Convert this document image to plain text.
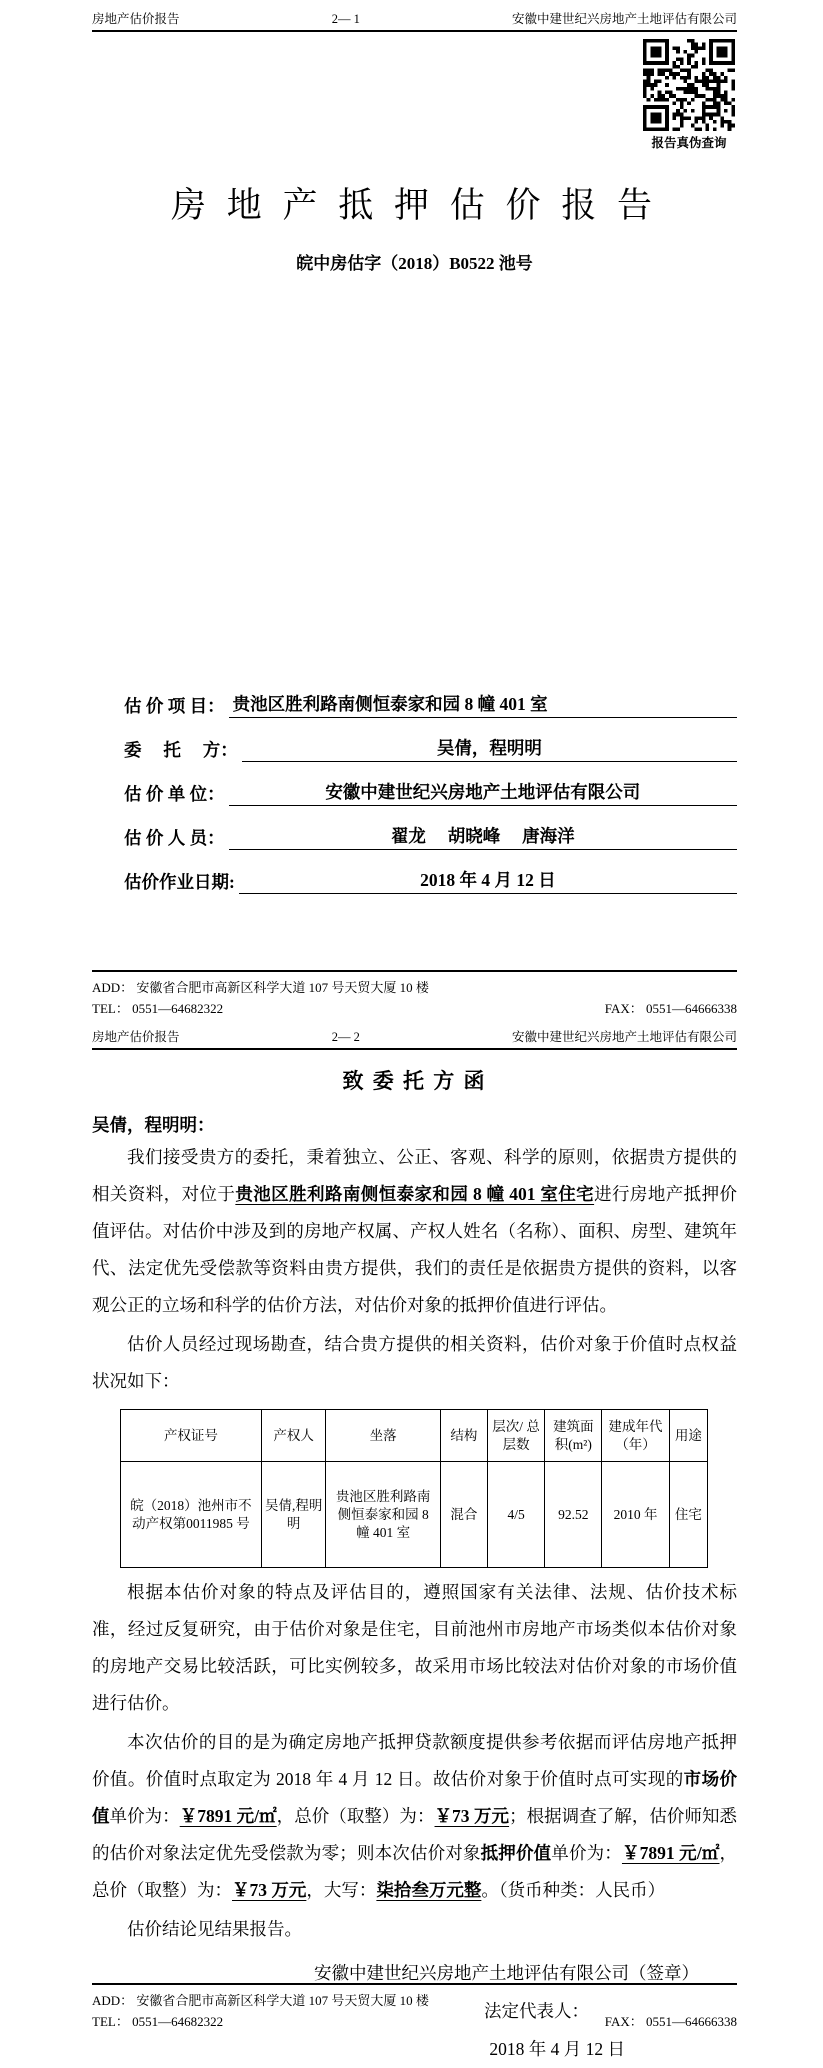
房地产估价报告	2— 1	安徽中建世纪兴房地产土地评估有限公司
报告真伪查询
房 地 产 抵 押 估 价 报 告
皖中房估字（2018）B0522 池号
估 价 项 目： 贵池区胜利路南侧恒泰家和园 8 幢 401 室
委　 托　 方：	吴倩，程明明
估 价 单 位：	安徽中建世纪兴房地产土地评估有限公司
估 价 人 员：	翟龙　 胡晓峰　 唐海洋
估价作业日期:	2018 年 4 月 12 日
ADD： 安徽省合肥市高新区科学大道 107 号天贸大厦 10 楼
TEL： 0551—64682322	FAX： 0551—64666338
房地产估价报告	2— 2	安徽中建世纪兴房地产土地评估有限公司
致 委 托 方 函
吴倩，程明明：

我们接受贵方的委托，秉着独立、公正、客观、科学的原则，依据贵方提供的相关资料，对位于贵池区胜利路南侧恒泰家和园 8 幢 401 室住宅进行房地产抵押价值评估。对估价中涉及到的房地产权属、产权人姓名（名称）、面积、房型、建筑年代、法定优先受偿款等资料由贵方提供，我们的责任是依据贵方提供的资料，以客观公正的立场和科学的估价方法，对估价对象的抵押价值进行评估。

估价人员经过现场勘查，结合贵方提供的相关资料，估价对象于价值时点权益状况如下：

产权证号	产权人	坐落	结构	层次/ 总层数	建筑面积(m²)	建成年代（年）	用途
皖（2018）池州市不动产权第0011985 号	吴倩,程明明	贵池区胜利路南侧恒泰家和园 8 幢 401 室	混合	4/5	92.52	2010 年	住宅

根据本估价对象的特点及评估目的，遵照国家有关法律、法规、估价技术标准，经过反复研究，由于估价对象是住宅，目前池州市房地产市场类似本估价对象的房地产交易比较活跃，可比实例较多，故采用市场比较法对估价对象的市场价值进行估价。

本次估价的目的是为确定房地产抵押贷款额度提供参考依据而评估房地产抵押价值。价值时点取定为 2018 年 4 月 12 日。故估价对象于价值时点可实现的市场价值单价为：￥7891 元/㎡，总价（取整）为：￥73 万元；根据调查了解，估价师知悉的估价对象法定优先受偿款为零；则本次估价对象抵押价值单价为：￥7891 元/㎡，总价（取整）为：￥73 万元，大写：柒拾叁万元整。（货币种类：人民币）

估价结论见结果报告。

安徽中建世纪兴房地产土地评估有限公司（签章）
法定代表人：
2018 年 4 月 12 日
ADD： 安徽省合肥市高新区科学大道 107 号天贸大厦 10 楼
TEL： 0551—64682322	FAX： 0551—64666338
